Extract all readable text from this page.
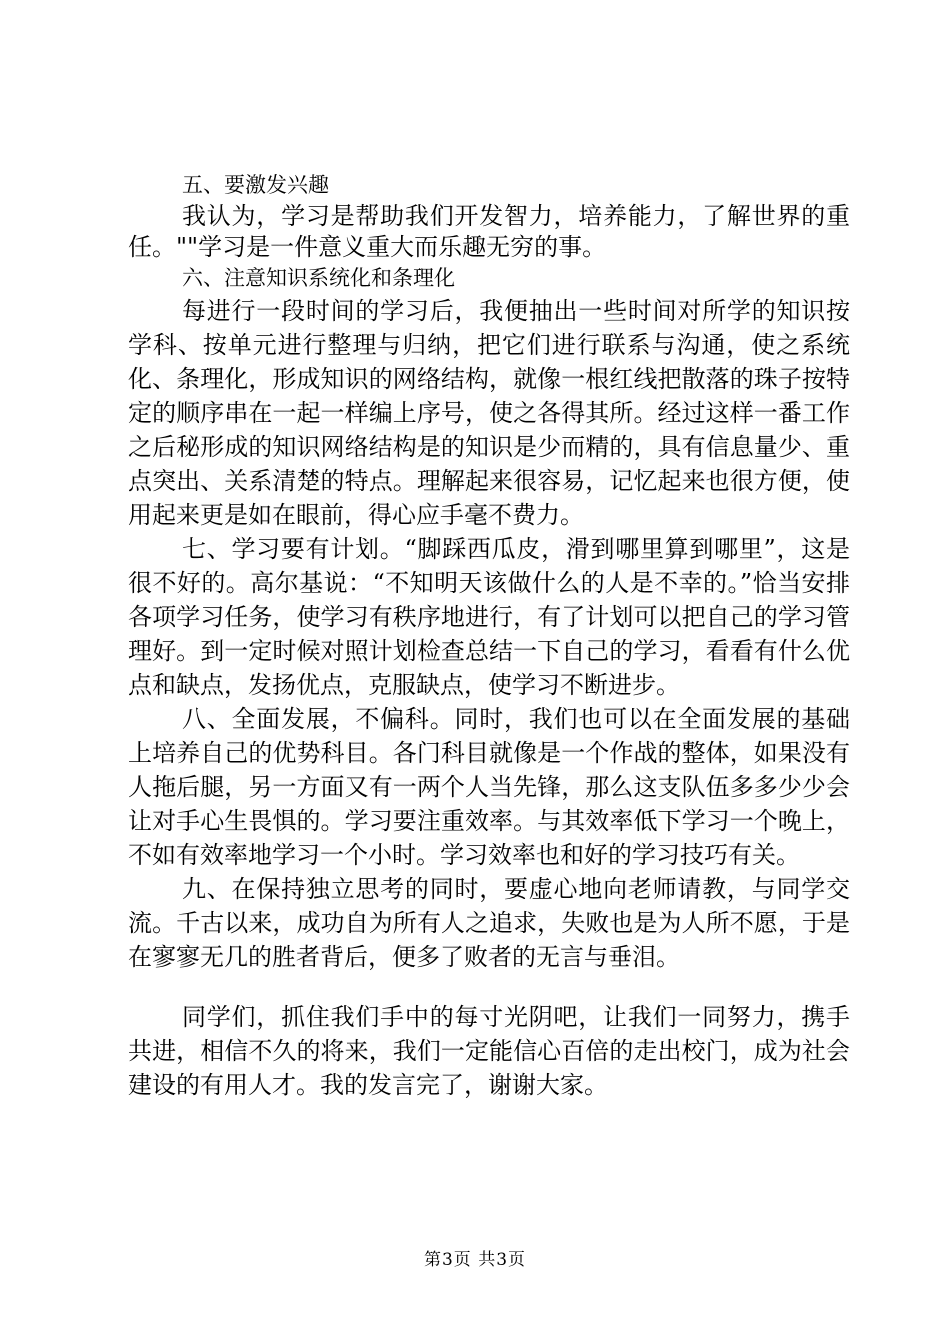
五、要激发兴趣

我认为，学习是帮助我们开发智力，培养能力，了解世界的重任。""学习是一件意义重大而乐趣无穷的事。

六、注意知识系统化和条理化

每进行一段时间的学习后，我便抽出一些时间对所学的知识按学科、按单元进行整理与归纳，把它们进行联系与沟通，使之系统化、条理化，形成知识的网络结构，就像一根红线把散落的珠子按特定的顺序串在一起一样编上序号，使之各得其所。经过这样一番工作之后秘形成的知识网络结构是的知识是少而精的，具有信息量少、重点突出、关系清楚的特点。理解起来很容易，记忆起来也很方便，使用起来更是如在眼前，得心应手毫不费力。

七、学习要有计划。“脚踩西瓜皮，滑到哪里算到哪里”，这是很不好的。高尔基说：“不知明天该做什么的人是不幸的。”恰当安排各项学习任务，使学习有秩序地进行，有了计划可以把自己的学习管理好。到一定时候对照计划检查总结一下自己的学习，看看有什么优点和缺点，发扬优点，克服缺点，使学习不断进步。

八、全面发展，不偏科。同时，我们也可以在全面发展的基础上培养自己的优势科目。各门科目就像是一个作战的整体，如果没有人拖后腿，另一方面又有一两个人当先锋，那么这支队伍多多少少会让对手心生畏惧的。学习要注重效率。与其效率低下学习一个晚上，不如有效率地学习一个小时。学习效率也和好的学习技巧有关。

九、在保持独立思考的同时，要虚心地向老师请教，与同学交流。千古以来，成功自为所有人之追求，失败也是为人所不愿，于是在寥寥无几的胜者背后，便多了败者的无言与垂泪。

同学们，抓住我们手中的每寸光阴吧，让我们一同努力，携手共进，相信不久的将来，我们一定能信心百倍的走出校门，成为社会建设的有用人才。我的发言完了，谢谢大家。

第3页 共3页
